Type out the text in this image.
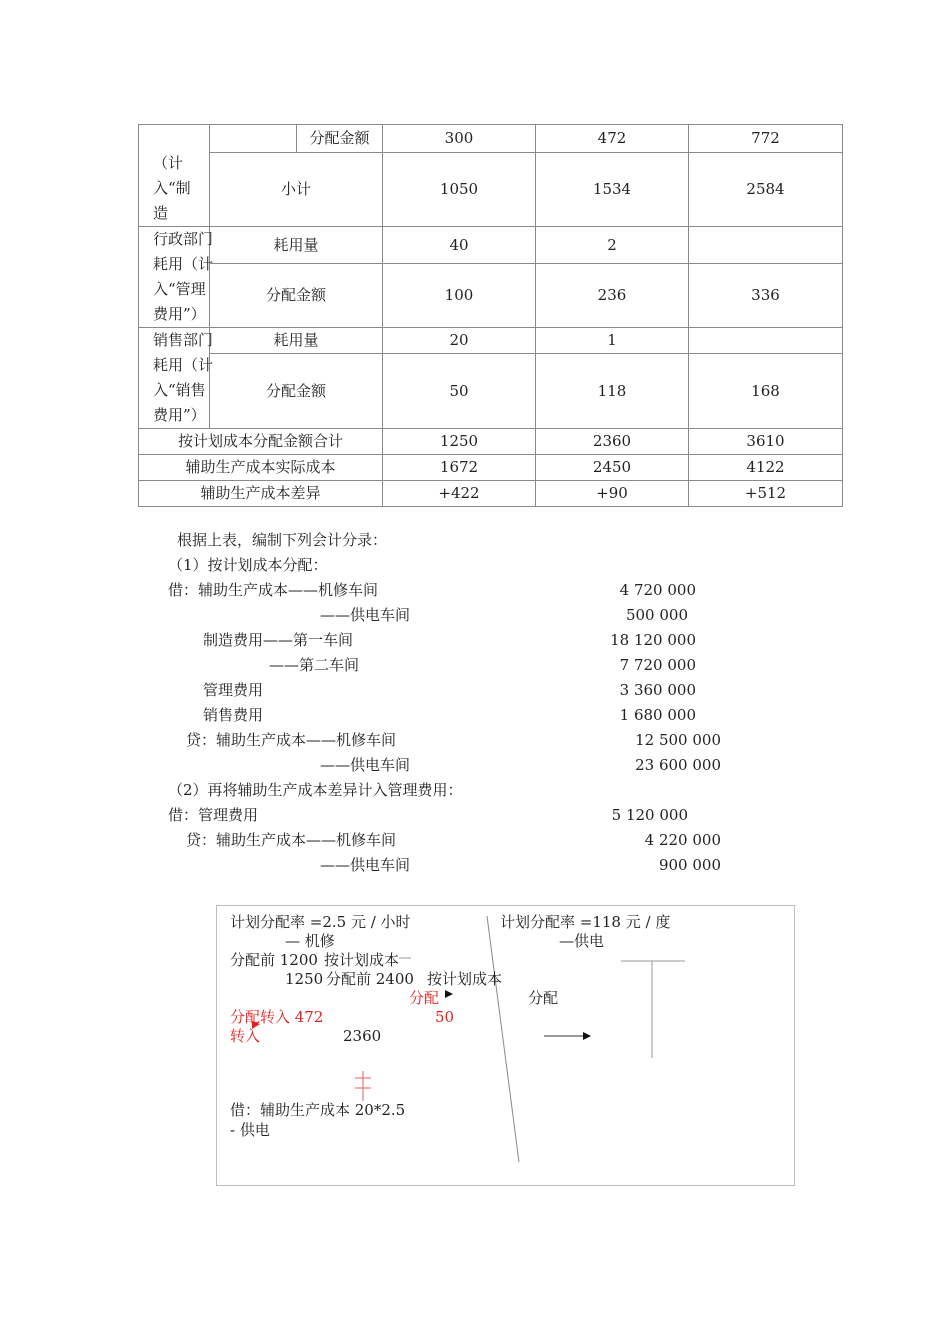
（计入“制造		分配金额	300	472	772
	小计		1050	1534	2584

行政部门耗用（计入“管理费用”）	耗用量		40	2	
	分配金额		100	236	336

销售部门耗用（计入“销售费用”）	耗用量		20	1	
	分配金额		50	118	168
按计划成本分配金额合计			1250	2360	3610
辅助生产成本实际成本			1672	2450	4122
辅助生产成本差异			+422	+90	+512
根据上表，编制下列会计分录：
（1）按计划成本分配：
借：辅助生产成本——机修车间	4 720 000
——供电车间	500 000
制造费用——第一车间	18 120 000
——第二车间	7 720 000
管理费用	3 360 000
销售费用	1 680 000
贷：辅助生产成本——机修车间	12 500 000
——供电车间	23 600 000
（2）再将辅助生产成本差异计入管理费用：
借：管理费用	5 120 000
贷：辅助生产成本——机修车间	4 220 000
——供电车间	900 000
计划分配率 =2.5 元 / 小时	计划分配率 =118 元 / 度
— 机修	—供电
分配前 1200 按计划成本
1250 分配前 2400 按计划成本
分配	分配
分配转入 472	50
转入	2360
借：辅助生产成本 20*2.5
- 供电
